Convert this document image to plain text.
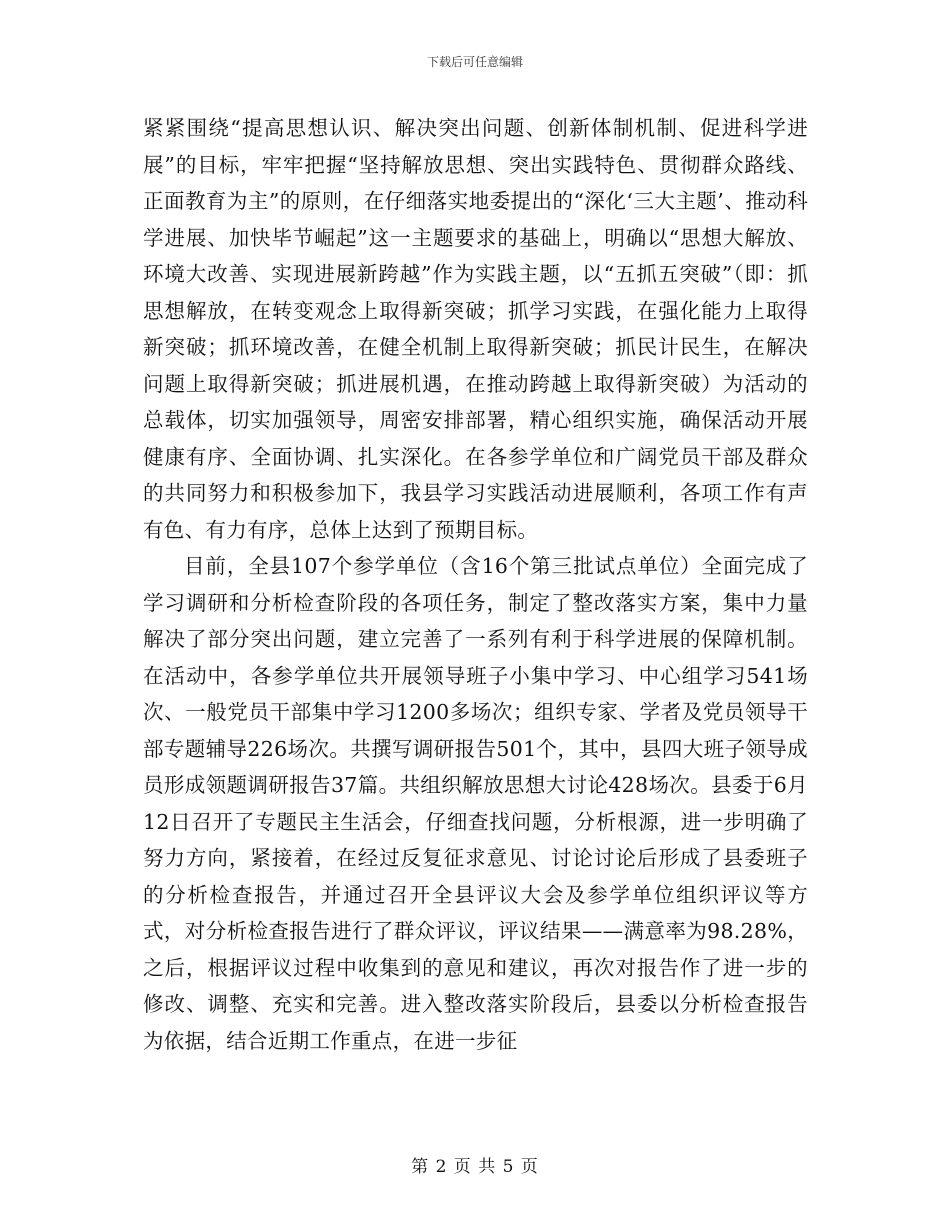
下载后可任意编辑

紧紧围绕“提高思想认识、解决突出问题、创新体制机制、促进科学进展”的目标，牢牢把握“坚持解放思想、突出实践特色、贯彻群众路线、正面教育为主”的原则，在仔细落实地委提出的“深化‘三大主题’、推动科学进展、加快毕节崛起”这一主题要求的基础上，明确以“思想大解放、环境大改善、实现进展新跨越”作为实践主题，以“五抓五突破”（即：抓思想解放，在转变观念上取得新突破；抓学习实践，在强化能力上取得新突破；抓环境改善，在健全机制上取得新突破；抓民计民生，在解决问题上取得新突破；抓进展机遇，在推动跨越上取得新突破）为活动的总载体，切实加强领导，周密安排部署，精心组织实施，确保活动开展健康有序、全面协调、扎实深化。在各参学单位和广阔党员干部及群众的共同努力和积极参加下，我县学习实践活动进展顺利，各项工作有声有色、有力有序，总体上达到了预期目标。

目前，全县107个参学单位（含16个第三批试点单位）全面完成了学习调研和分析检查阶段的各项任务，制定了整改落实方案，集中力量解决了部分突出问题，建立完善了一系列有利于科学进展的保障机制。在活动中，各参学单位共开展领导班子小集中学习、中心组学习541场次、一般党员干部集中学习1200多场次；组织专家、学者及党员领导干部专题辅导226场次。共撰写调研报告501个，其中，县四大班子领导成员形成领题调研报告37篇。共组织解放思想大讨论428场次。县委于6月12日召开了专题民主生活会，仔细查找问题，分析根源，进一步明确了努力方向，紧接着，在经过反复征求意见、讨论讨论后形成了县委班子的分析检查报告，并通过召开全县评议大会及参学单位组织评议等方式，对分析检查报告进行了群众评议，评议结果——满意率为98.28%，之后，根据评议过程中收集到的意见和建议，再次对报告作了进一步的修改、调整、充实和完善。进入整改落实阶段后，县委以分析检查报告为依据，结合近期工作重点，在进一步征

第 2 页 共 5 页
